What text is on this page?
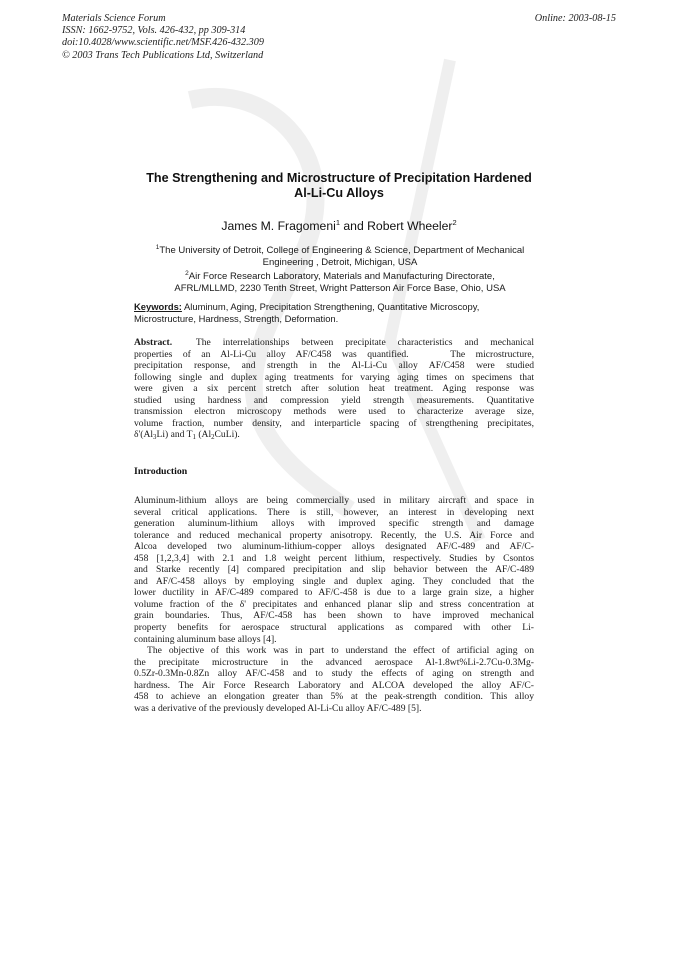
Materials Science Forum
ISSN: 1662-9752, Vols. 426-432, pp 309-314
doi:10.4028/www.scientific.net/MSF.426-432.309
© 2003 Trans Tech Publications Ltd, Switzerland
Online: 2003-08-15
The Strengthening and Microstructure of Precipitation Hardened
Al-Li-Cu Alloys
James M. Fragomeni$^1$ and Robert Wheeler$^2$
$^1$The University of Detroit, College of Engineering & Science, Department of Mechanical
Engineering , Detroit, Michigan, USA
$^2$Air Force Research Laboratory, Materials and Manufacturing Directorate,
AFRL/MLLMD, 2230 Tenth Street, Wright Patterson Air Force Base, Ohio, USA
Keywords: Aluminum, Aging, Precipitation Strengthening, Quantitative Microscopy,
Microstructure, Hardness, Strength, Deformation.
Abstract.  The interrelationships between precipitate characteristics and mechanical
properties of an Al-Li-Cu alloy AF/C458 was quantified.    The microstructure,
precipitation response, and strength in the Al-Li-Cu alloy AF/C458 were studied
following single and duplex aging treatments for varying aging times on specimens that
were given a six percent stretch after solution heat treatment. Aging response was
studied using hardness and compression yield strength measurements. Quantitative
transmission electron microscopy methods were used to characterize average size,
volume fraction, number density, and interparticle spacing of strengthening precipitates,
$\delta'(Al_3Li)$ and $T_1$ $(Al_2CuLi)$.
Introduction
Aluminum-lithium alloys are being commercially used in military aircraft and space in
several critical applications. There is still, however, an interest in developing next
generation aluminum-lithium alloys with improved specific strength and damage
tolerance and reduced mechanical property anisotropy. Recently, the U.S. Air Force and
Alcoa developed two aluminum-lithium-copper alloys designated AF/C-489 and AF/C-
458 [1,2,3,4] with 2.1 and 1.8 weight percent lithium, respectively. Studies by Csontos
and Starke recently [4] compared precipitation and slip behavior between the AF/C-489
and AF/C-458 alloys by employing single and duplex aging. They concluded that the
lower ductility in AF/C-489 compared to AF/C-458 is due to a large grain size, a higher
volume fraction of the δ' precipitates and enhanced planar slip and stress concentration at
grain boundaries. Thus, AF/C-458 has been shown to have improved mechanical
property benefits for aerospace structural applications as compared with other Li-
containing aluminum base alloys [4].
The objective of this work was in part to understand the effect of artificial aging on
the precipitate microstructure in the advanced aerospace Al-1.8wt%Li-2.7Cu-0.3Mg-
0.5Zr-0.3Mn-0.8Zn alloy AF/C-458 and to study the effects of aging on strength and
hardness. The Air Force Research Laboratory and ALCOA developed the alloy AF/C-
458 to achieve an elongation greater than 5% at the peak-strength condition. This alloy
was a derivative of the previously developed Al-Li-Cu alloy AF/C-489 [5].
